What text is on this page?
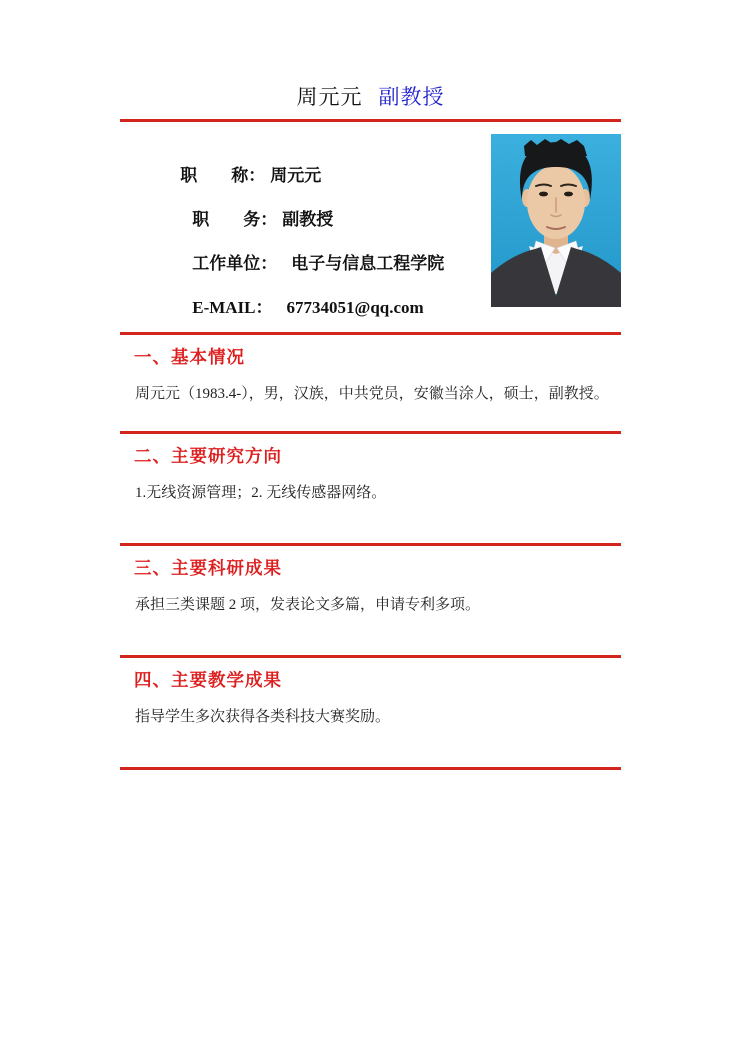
周元元 副教授

职　　称： 周元元

职　　务： 副教授

工作单位： 电子与信息工程学院

E-MAIL： 67734051@qq.com

一、基本情况
周元元（1983.4-），男，汉族，中共党员，安徽当涂人，硕士，副教授。
二、主要研究方向
1.无线资源管理；2. 无线传感器网络。
三、主要科研成果
承担三类课题 2 项，发表论文多篇，申请专利多项。
四、主要教学成果
指导学生多次获得各类科技大赛奖励。
